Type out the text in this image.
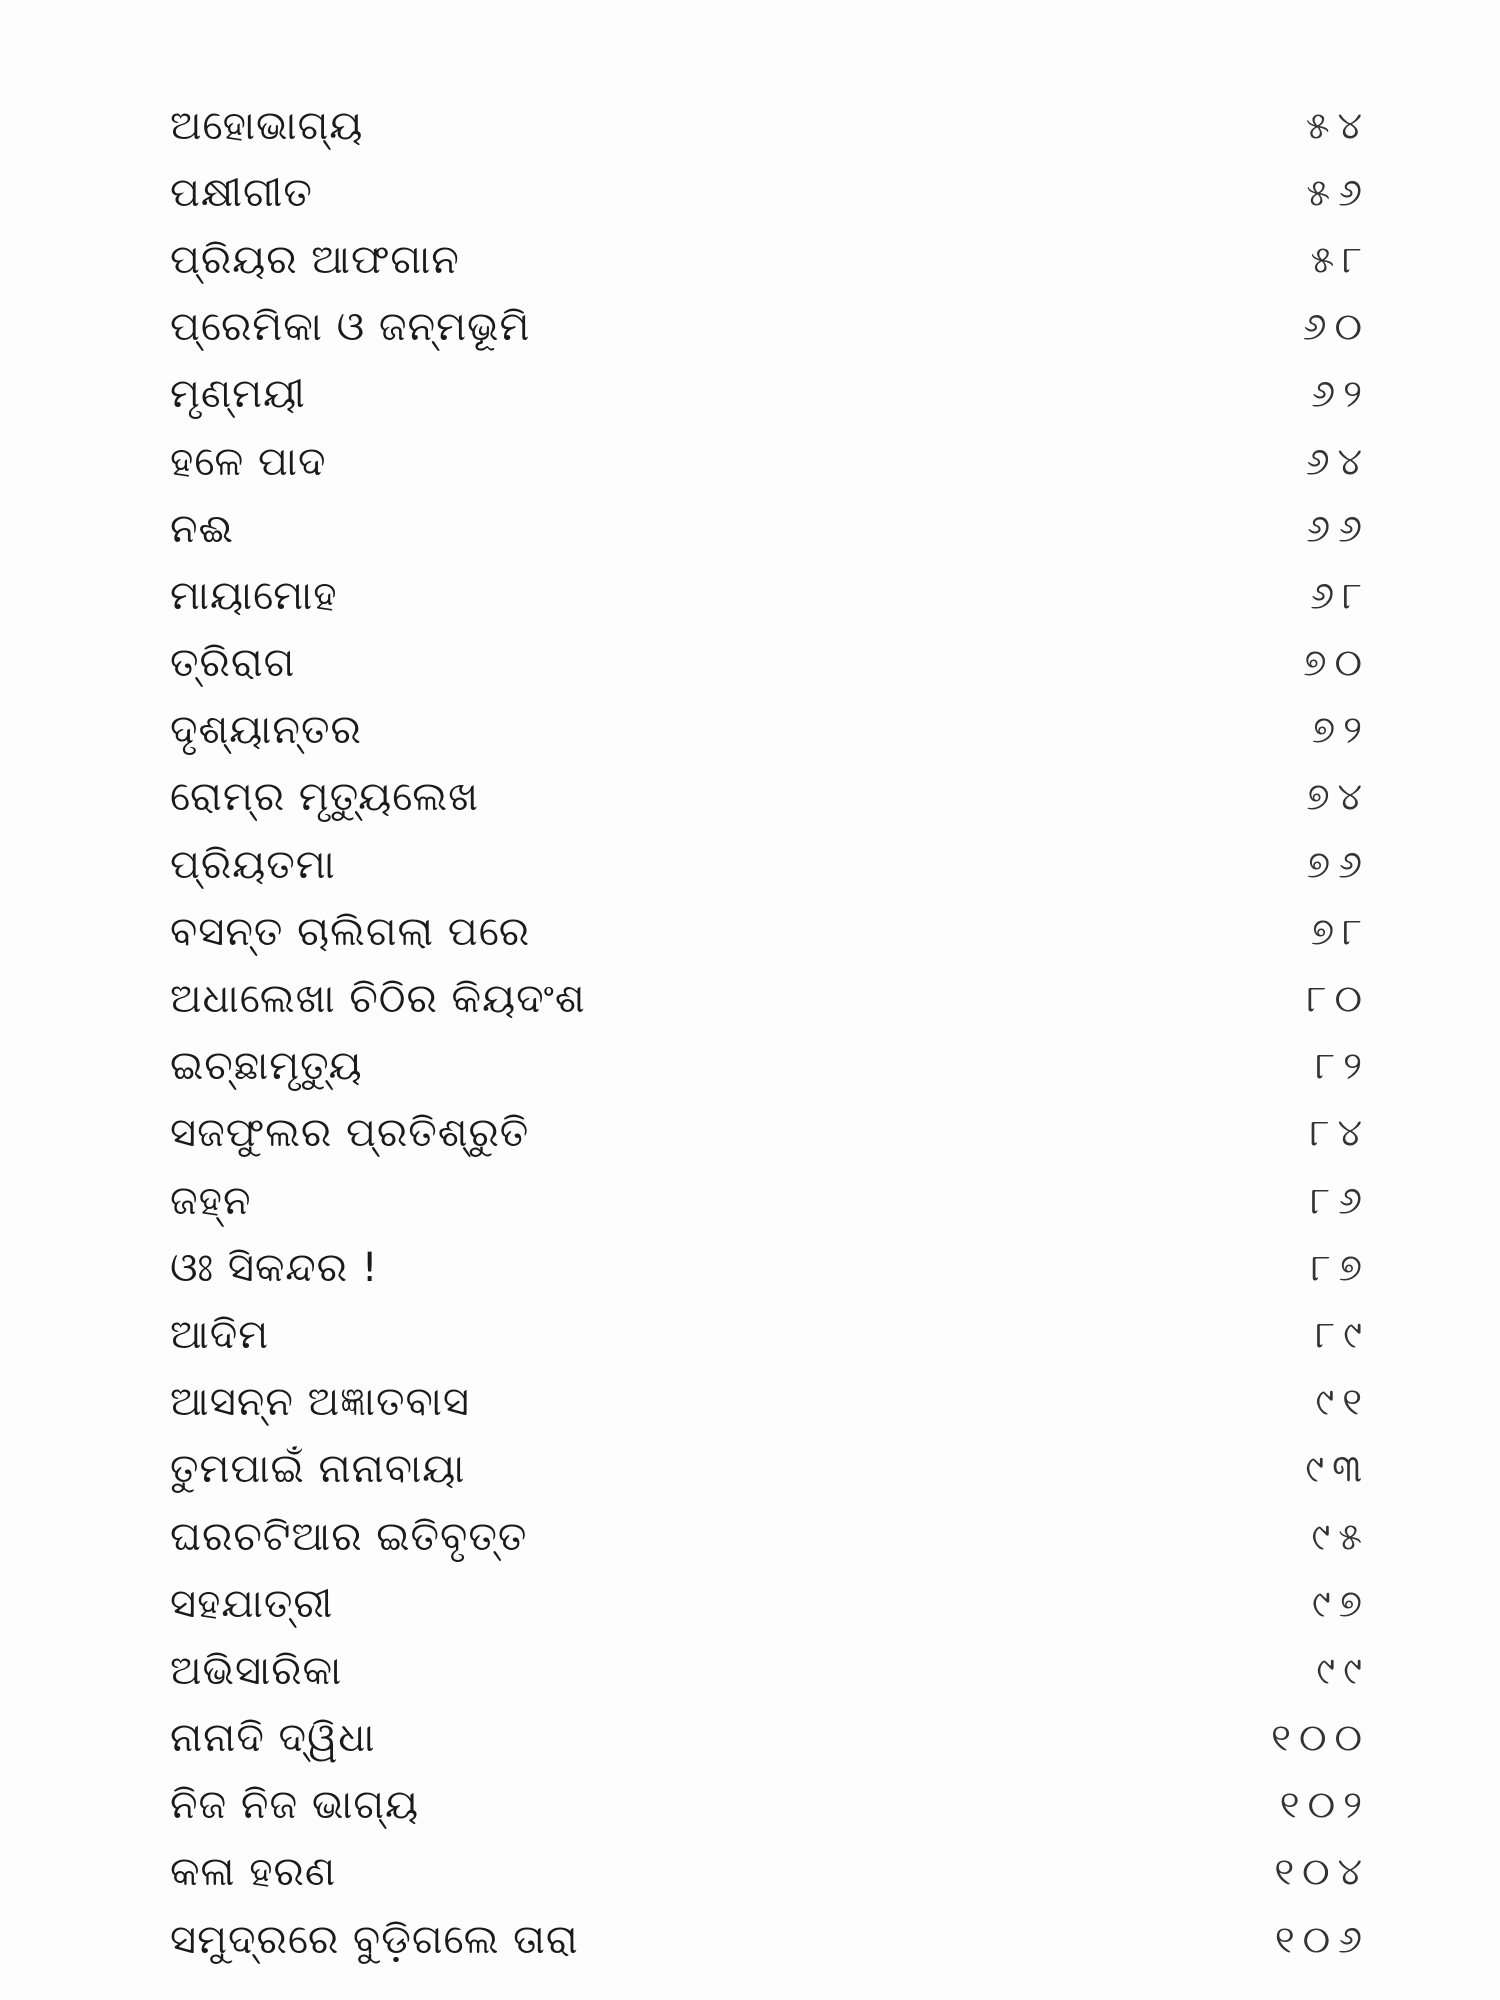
ଅହୋଭାଗ୍ୟ	୫୪
ପକ୍ଷୀଗୀତ	୫୬
ପ୍ରିୟର ଆଫଗାନ	୫୮
ପ୍ରେମିକା ଓ ଜନ୍ମଭୂମି	୬୦
ମୃଣ୍ମୟୀ	୬୨
ହଳେ ପାଦ	୬୪
ନଈ	୬୬
ମାୟାମୋହ	୬୮
ତ୍ରିରାଗ	୭୦
ଦୃଶ୍ୟାନ୍ତର	୭୨
ରୋମ୍‌ର ମୃତ୍ୟୁଲେଖ	୭୪
ପ୍ରିୟତମା	୭୬
ବସନ୍ତ ଚାଲିଗଲା ପରେ	୭୮
ଅଧାଲେଖା ଚିଠିର କିୟଦଂଶ	୮୦
ଇଚ୍ଛାମୃତ୍ୟୁ	୮୨
ସଜଫୁଲର ପ୍ରତିଶ୍ରୁତି	୮୪
ଜହ୍ନ	୮୬
ଓଃ ସିକନ୍ଦର !	୮୭
ଆଦିମ	୮୯
ଆସନ୍ନ ଅଜ୍ଞାତବାସ	୯୧
ତୁମପାଇଁ ନାନାବାୟା	୯୩
ଘରଚଟିଆର ଇତିବୃତ୍ତ	୯୫
ସହଯାତ୍ରୀ	୯୭
ଅଭିସାରିକା	୯୯
ନାନାଦି ଦ୍ୱିଧା	୧୦୦
ନିଜ ନିଜ ଭାଗ୍ୟ	୧୦୨
କଳା ହରଣ	୧୦୪
ସମୁଦ୍ରରେ ବୁଡ଼ିଗଲେ ତାରା	୧୦୬
